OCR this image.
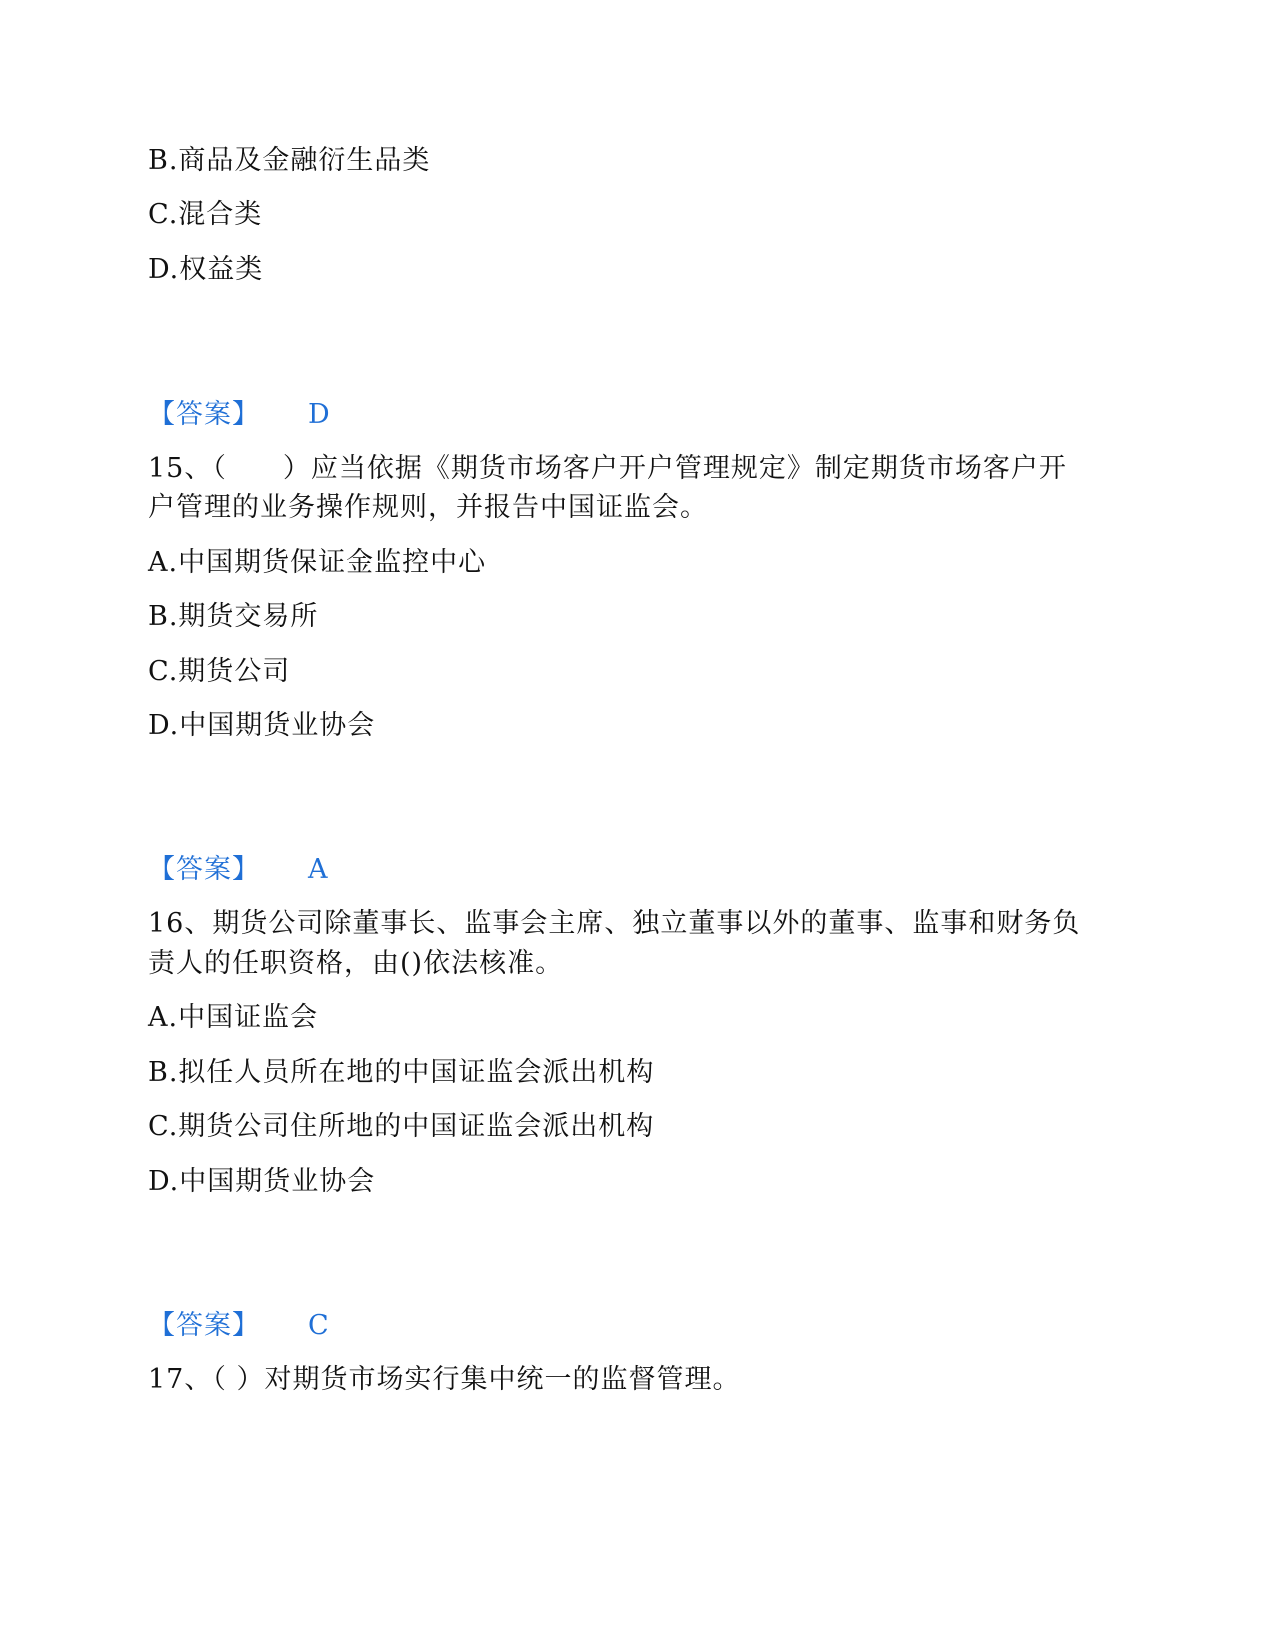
B.商品及金融衍生品类
C.混合类
D.权益类
【答案】 D
15、（　　）应当依据《期货市场客户开户管理规定》制定期货市场客户开
户管理的业务操作规则，并报告中国证监会。
A.中国期货保证金监控中心
B.期货交易所
C.期货公司
D.中国期货业协会
【答案】 A
16、期货公司除董事长、监事会主席、独立董事以外的董事、监事和财务负
责人的任职资格，由()依法核准。
A.中国证监会
B.拟任人员所在地的中国证监会派出机构
C.期货公司住所地的中国证监会派出机构
D.中国期货业协会
【答案】 C
17、（ ）对期货市场实行集中统一的监督管理。
